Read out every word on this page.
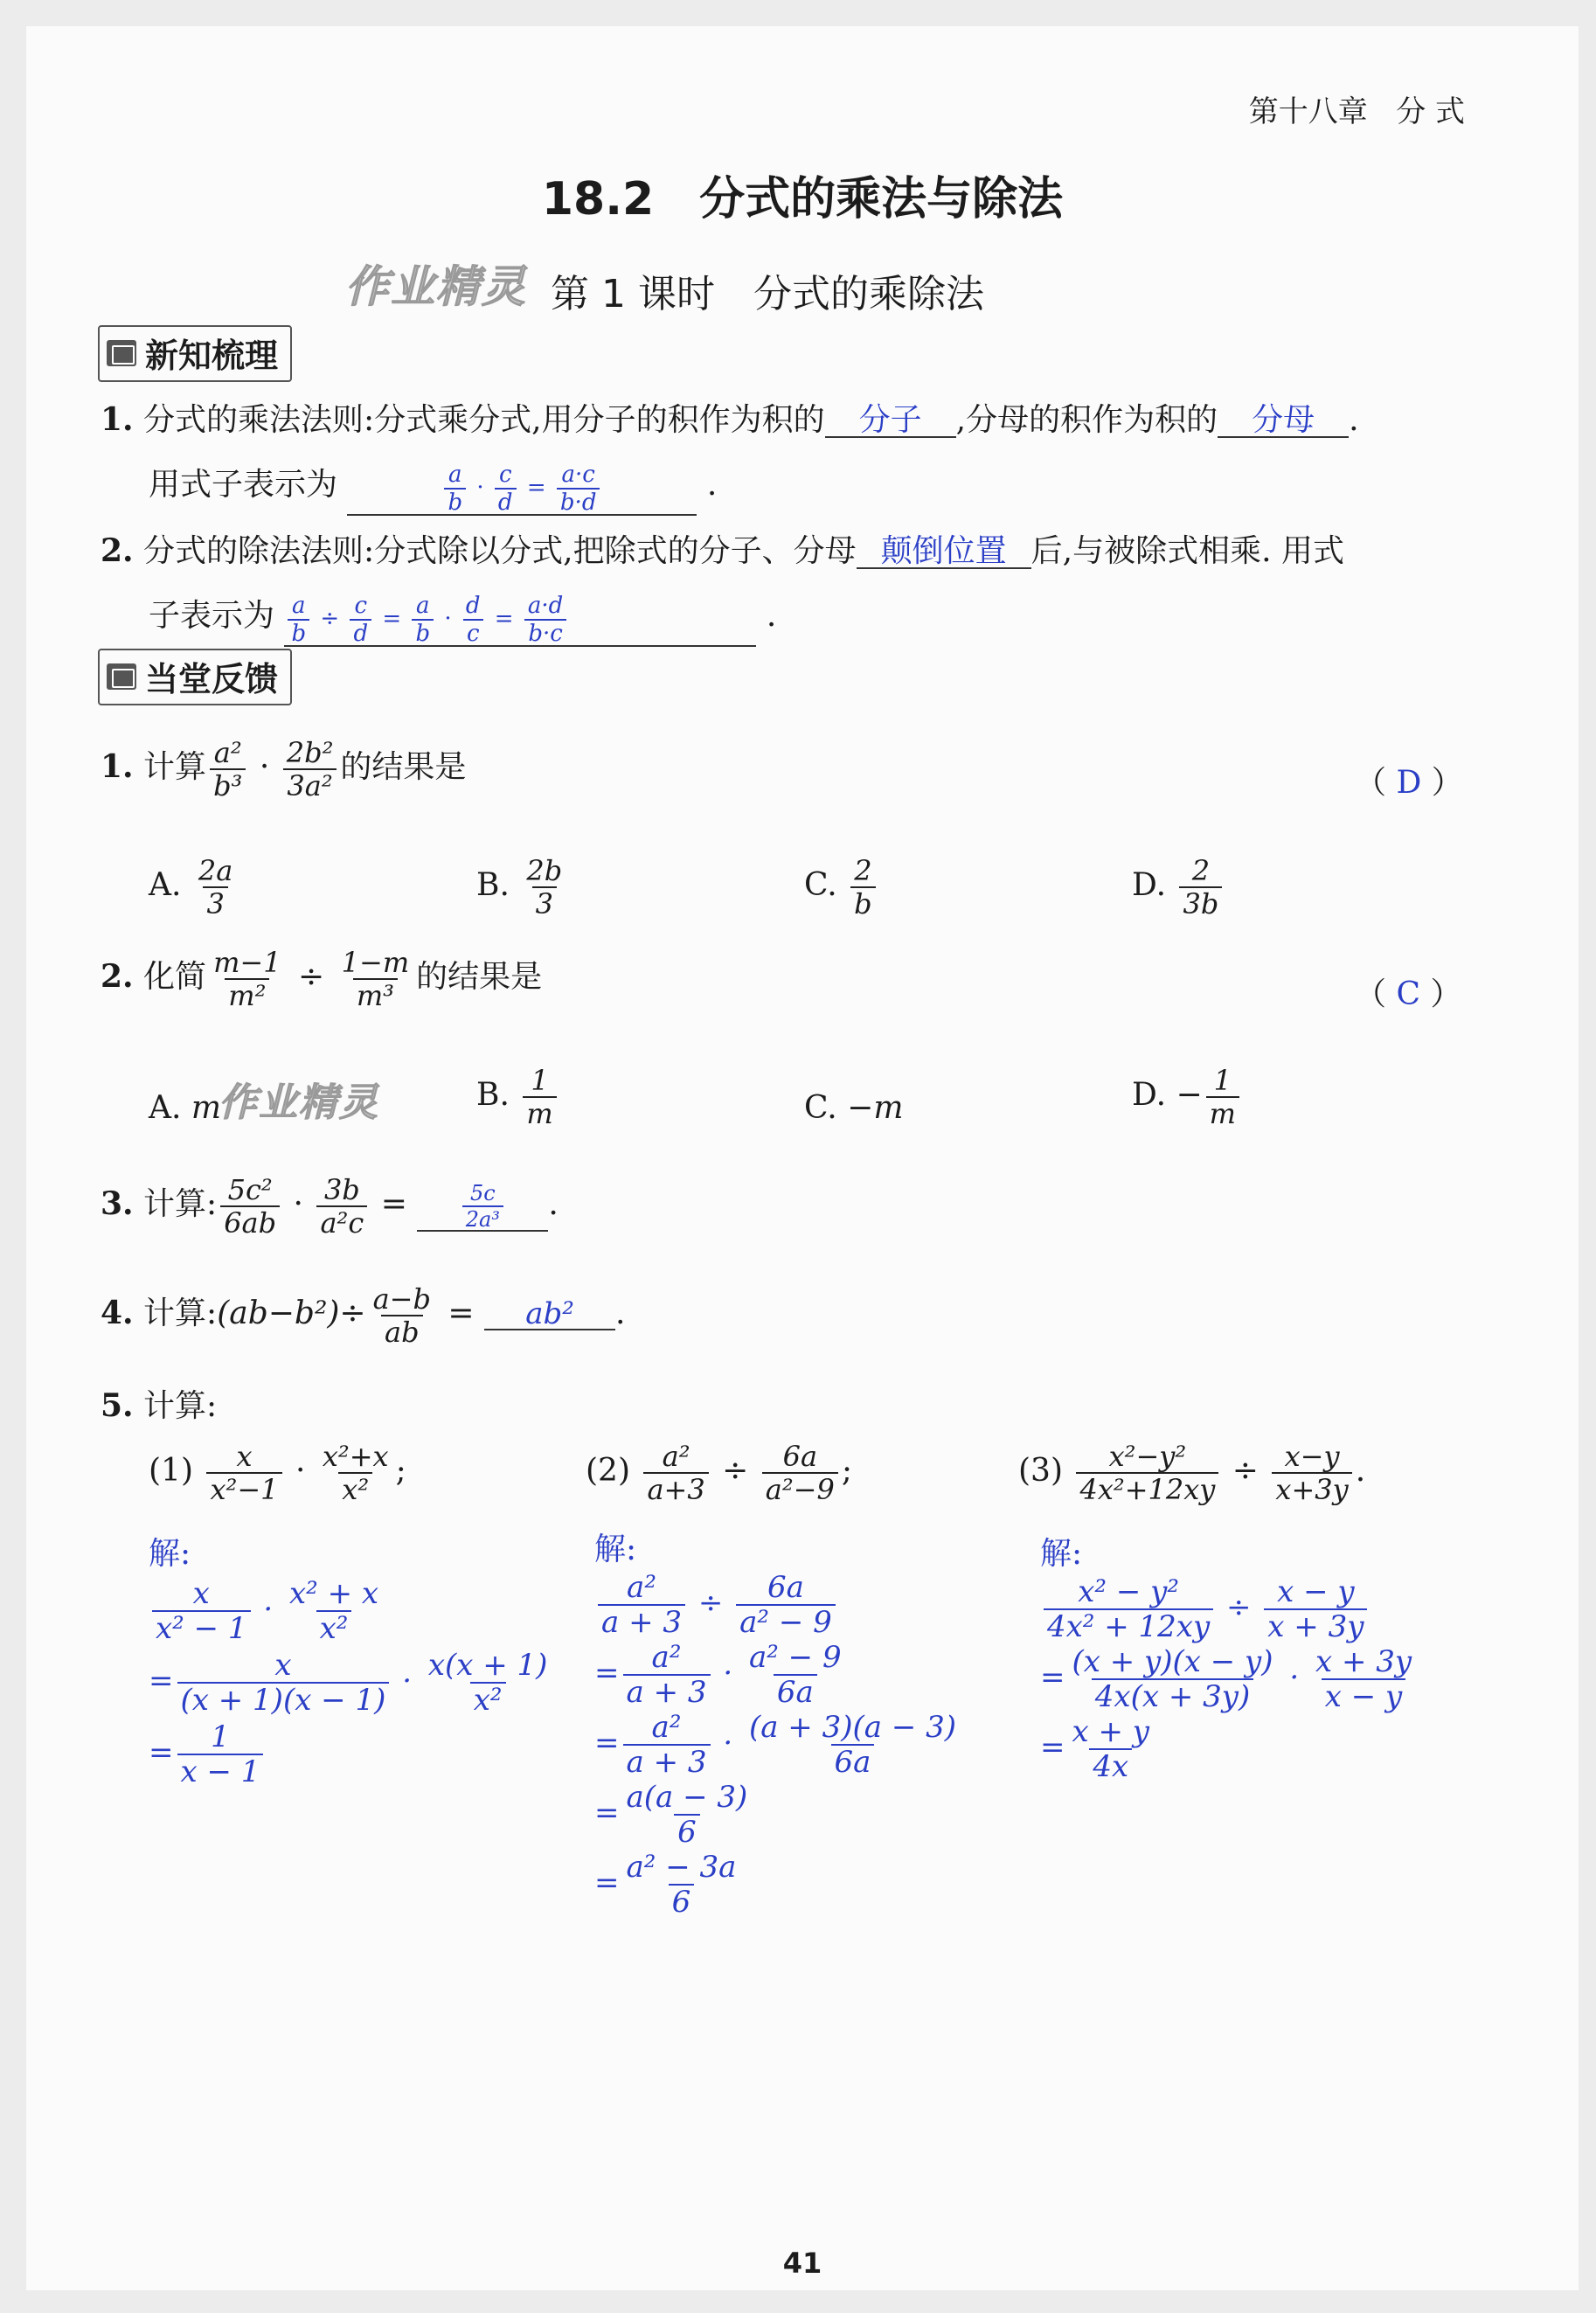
第十八章 分 式
18.2　分式的乘法与除法
作业精灵 第 1 课时　分式的乘除法
新知梳理
1. 分式的乘法法则:分式乘分式,用分子的积作为积的 分子 ,分母的积作为积的 分母 .
用式子表示为	$\frac{a}{b} \cdot \frac{c}{d} = \frac{a\cdot c}{b\cdot d}$	.
2. 分式的除法法则:分式除以分式,把除式的分子、分母 颠倒位置 后,与被除式相乘. 用式
子表示为 $\frac{a}{b} \div \frac{c}{d} = \frac{a}{b} \cdot \frac{d}{c} = \frac{a\cdot d}{b\cdot c}$	.
当堂反馈
1. 计算 $\frac{\text{a²}}{\text{b³}} \cdot \frac{\text{2b²}}{\text{3a²}}$ 的结果是	（ D ）
A. $\frac{2a}{3}$	B. $\frac{2b}{3}$	C. $\frac{2}{b}$	D. $\frac{2}{3b}$
2. 化简 $\frac{m-1}{\text{m²}} \div \frac{1-m}{\text{m³}}$ 的结果是	（ C ）
A. m
作业精灵	B. $\frac{1}{m}$	C. −m	D. − $\frac{1}{m}$
3. 计算: $\frac{\text{5c²}}{6ab} \cdot \frac{3b}{\text{a²c}} = \frac{5c}{\text{2a³}}$ .
4. 计算:(ab−b²)÷ $\frac{a-b}{ab} = ab^2$ .
5. 计算:
$(1) \frac{x}{\text{x²−1}} \cdot \frac{\text{x²+x}}{\text{x²}}$ ;
解:
$\frac{x}{\text{x² − 1}} \cdot \frac{\text{x² + x}}{\text{x²}}$
= $\frac{x}{(x + 1)(x - 1)} \cdot \frac{x(x + 1)}{\text{x²}}$
= $\frac{1}{x - 1}$
$(2) \frac{\text{a²}}{a+3} \div \frac{6a}{\text{a²−9}}$ ;
解:
$\frac{\text{a²}}{a + 3} \div \frac{6a}{\text{a² − 9}}$
= $\frac{\text{a²}}{a + 3} \cdot \frac{\text{a² − 9}}{6a}$
= $\frac{\text{a²}}{a + 3} \cdot \frac{(a + 3)(a - 3)}{6a}$
= $\frac{a(a - 3)}{6}$
= $\frac{\text{a² − 3a}}{6}$
$(3) \frac{\text{x²−y²}}{\text{4x²+12xy}} \div \frac{x-y}{x+3y}$ .
解:
$\frac{\text{x² − y²}}{\text{4x² + 12xy}} \div \frac{x - y}{x + 3y}$
= $\frac{(x + y)(x - y)}{4x(x + 3y)} \cdot \frac{x + 3y}{x - y}$
= $\frac{x + y}{4x}$
41
